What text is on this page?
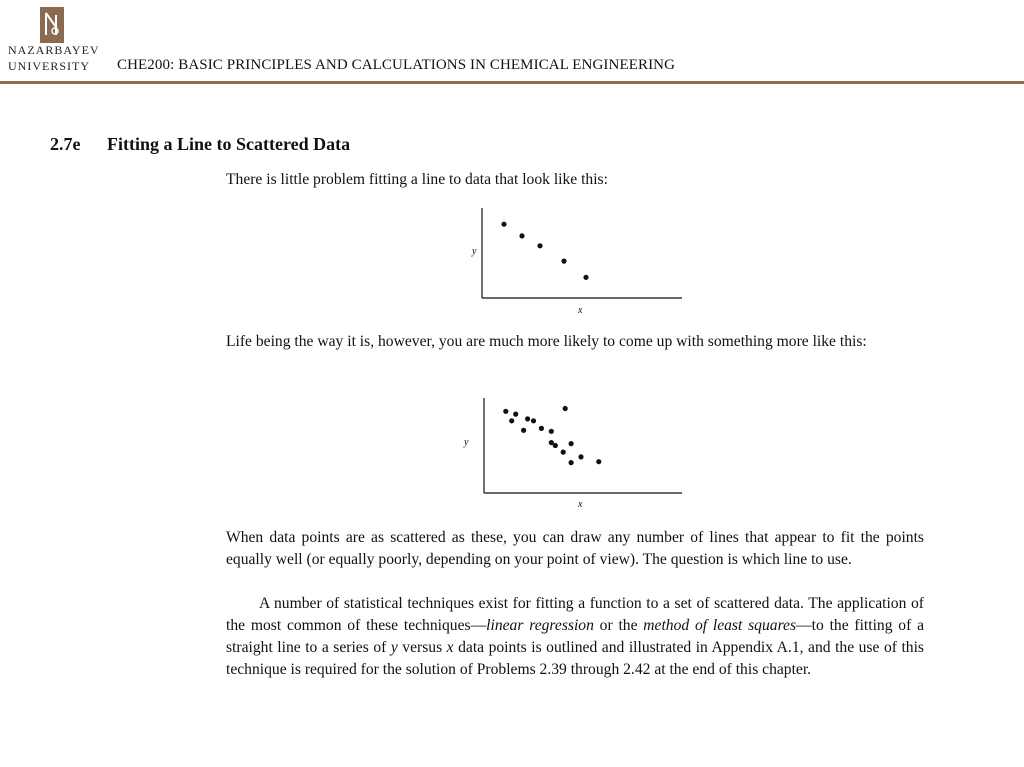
NAZARBAYEV
UNIVERSITY CHE200: BASIC PRINCIPLES AND CALCULATIONS IN CHEMICAL ENGINEERING
2.7e Fitting a Line to Scattered Data

There is little problem fitting a line to data that look like this:

y
x

Life being the way it is, however, you are much more likely to come up with something more like this:

y
x

When data points are as scattered as these, you can draw any number of lines that appear to fit the points equally well (or equally poorly, depending on your point of view). The question is which line to use.

A number of statistical techniques exist for fitting a function to a set of scattered data. The application of the most common of these techniques—linear regression or the method of least squares—to the fitting of a straight line to a series of y versus x data points is outlined and illustrated in Appendix A.1, and the use of this technique is required for the solution of Problems 2.39 through 2.42 at the end of this chapter.
